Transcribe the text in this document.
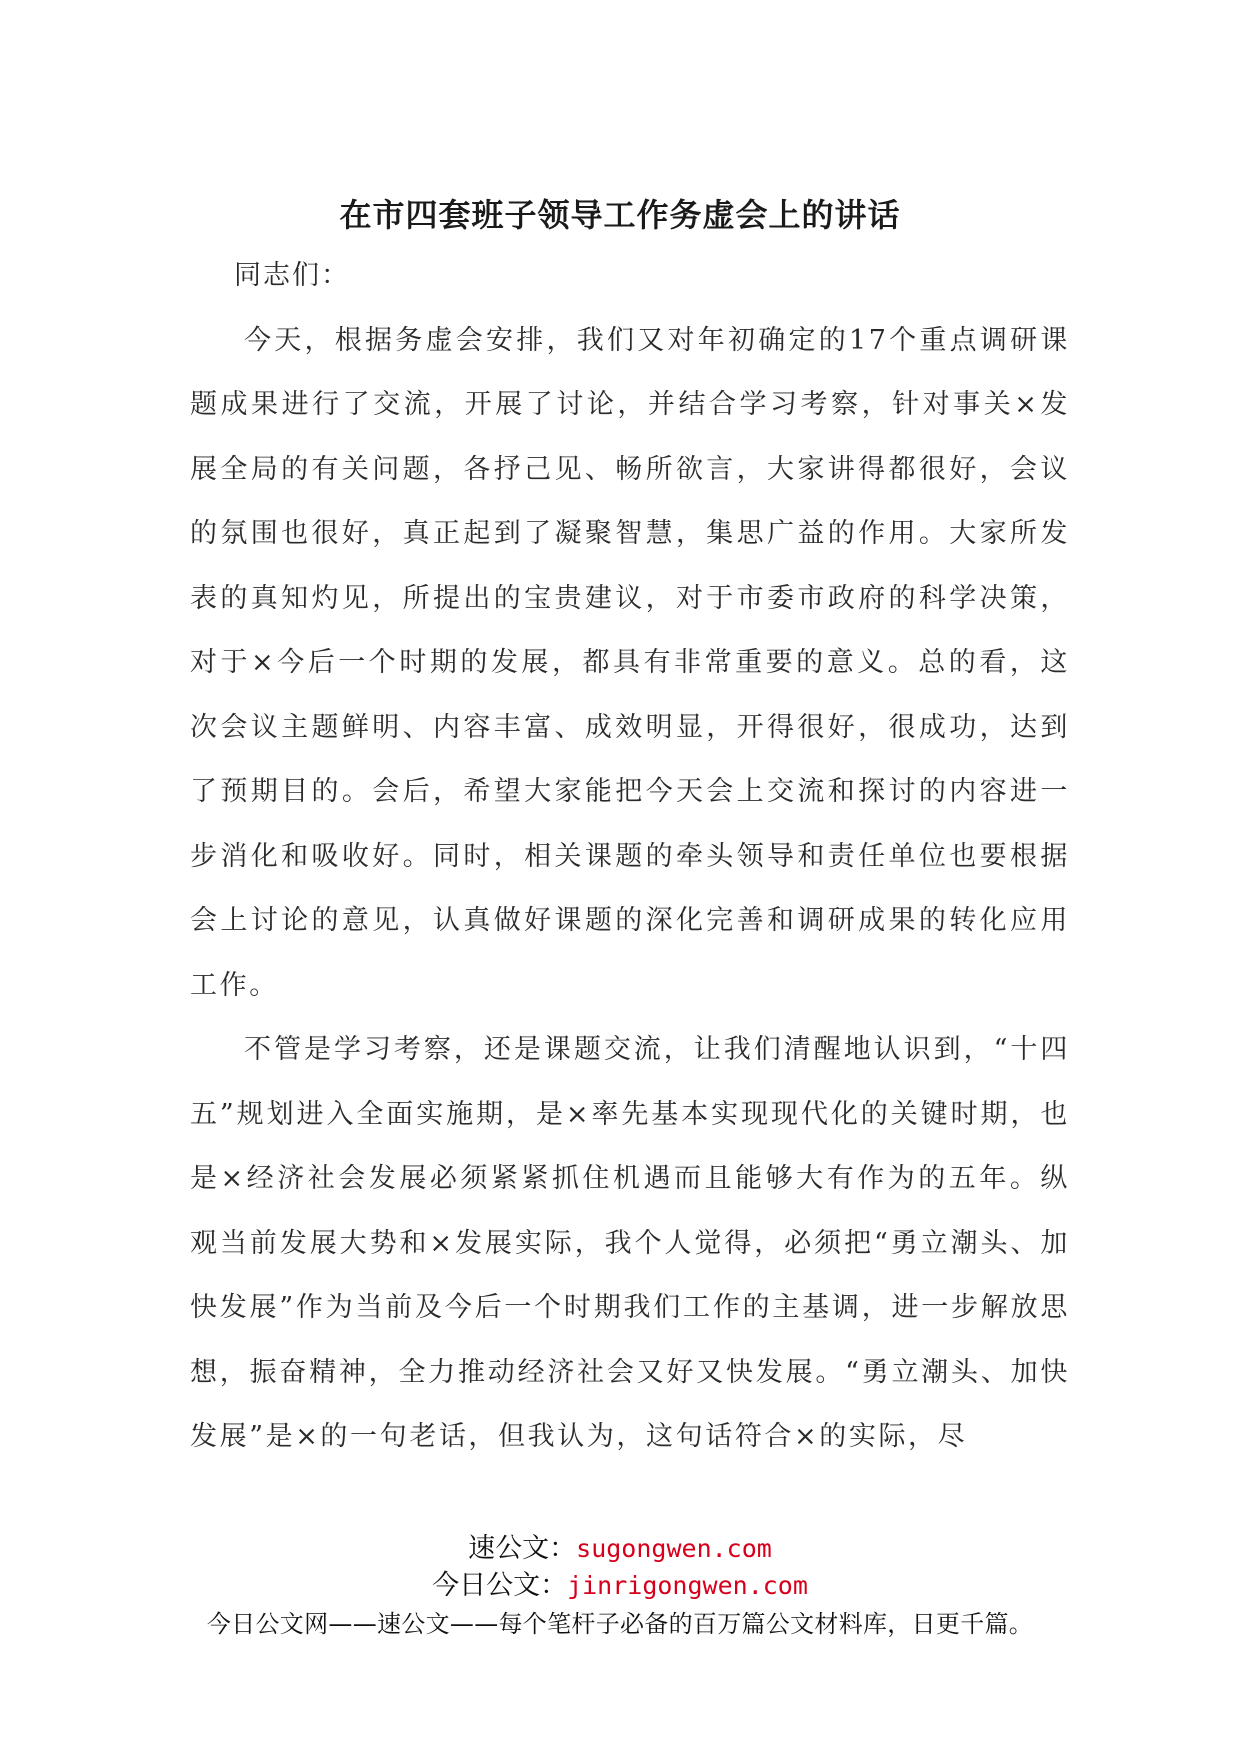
在市四套班子领导工作务虚会上的讲话

同志们：

今天，根据务虚会安排，我们又对年初确定的17个重点调研课题成果进行了交流，开展了讨论，并结合学习考察，针对事关×发展全局的有关问题，各抒己见、畅所欲言，大家讲得都很好，会议的氛围也很好，真正起到了凝聚智慧，集思广益的作用。大家所发表的真知灼见，所提出的宝贵建议，对于市委市政府的科学决策，对于×今后一个时期的发展，都具有非常重要的意义。总的看，这次会议主题鲜明、内容丰富、成效明显，开得很好，很成功，达到了预期目的。会后，希望大家能把今天会上交流和探讨的内容进一步消化和吸收好。同时，相关课题的牵头领导和责任单位也要根据会上讨论的意见，认真做好课题的深化完善和调研成果的转化应用工作。

不管是学习考察，还是课题交流，让我们清醒地认识到，“十四五”规划进入全面实施期，是×率先基本实现现代化的关键时期，也是×经济社会发展必须紧紧抓住机遇而且能够大有作为的五年。纵观当前发展大势和×发展实际，我个人觉得，必须把“勇立潮头、加快发展”作为当前及今后一个时期我们工作的主基调，进一步解放思想，振奋精神，全力推动经济社会又好又快发展。“勇立潮头、加快发展”是×的一句老话，但我认为，这句话符合×的实际，尽

速公文：sugongwen.com
今日公文：jinrigongwen.com
今日公文网——速公文——每个笔杆子必备的百万篇公文材料库，日更千篇。
